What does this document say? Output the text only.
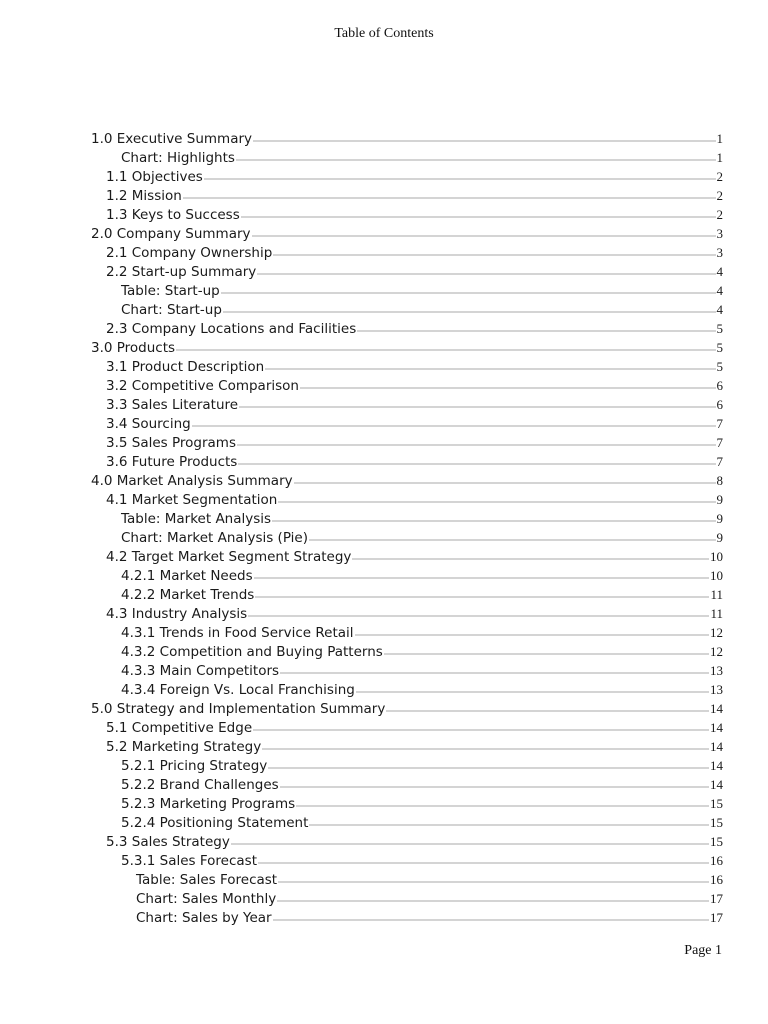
Table of Contents
1.0 Executive Summary	1
Chart: Highlights	1
1.1 Objectives	2
1.2 Mission	2
1.3 Keys to Success	2
2.0 Company Summary	3
2.1 Company Ownership	3
2.2 Start-up Summary	4
Table: Start-up	4
Chart: Start-up	4
2.3 Company Locations and Facilities	5
3.0 Products	5
3.1 Product Description	5
3.2 Competitive Comparison	6
3.3 Sales Literature	6
3.4 Sourcing	7
3.5 Sales Programs	7
3.6 Future Products	7
4.0 Market Analysis Summary	8
4.1 Market Segmentation	9
Table: Market Analysis	9
Chart: Market Analysis (Pie)	9
4.2 Target Market Segment Strategy	10
4.2.1 Market Needs	10
4.2.2 Market Trends	11
4.3 Industry Analysis	11
4.3.1 Trends in Food Service Retail	12
4.3.2 Competition and Buying Patterns	12
4.3.3 Main Competitors	13
4.3.4 Foreign Vs. Local Franchising	13
5.0 Strategy and Implementation Summary	14
5.1 Competitive Edge	14
5.2 Marketing Strategy	14
5.2.1 Pricing Strategy	14
5.2.2 Brand Challenges	14
5.2.3 Marketing Programs	15
5.2.4 Positioning Statement	15
5.3 Sales Strategy	15
5.3.1 Sales Forecast	16
Table: Sales Forecast	16
Chart: Sales Monthly	17
Chart: Sales by Year	17
Page 1
